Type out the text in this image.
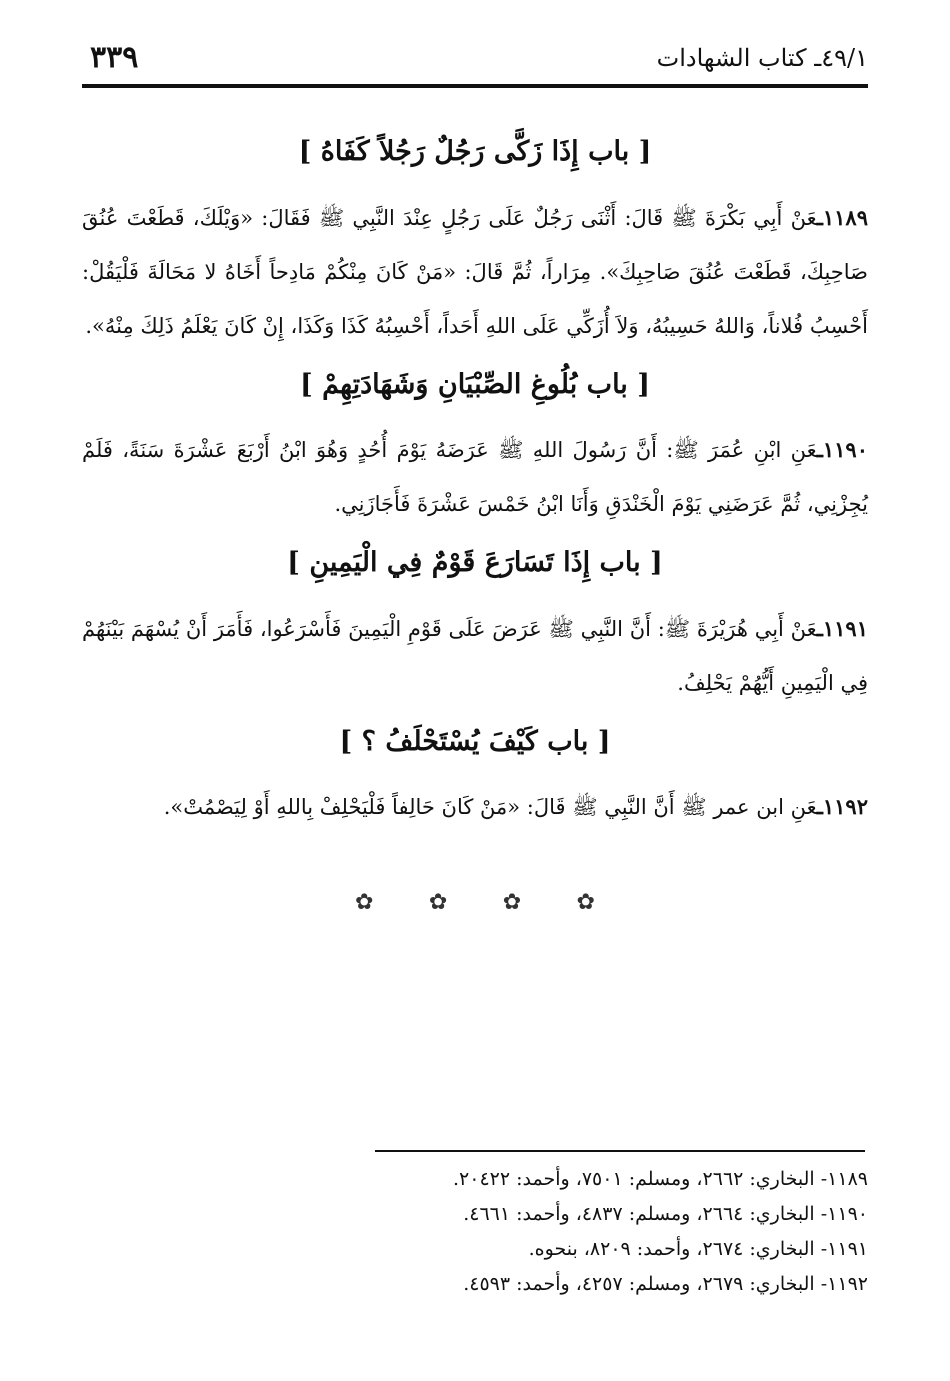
٣٣٩	٤٩/١ـ كتاب الشهادات
[ باب إِذَا زَكَّى رَجُلٌ رَجُلاً كَفَاهُ ]

١١٨٩ـعَنْ أَبِي بَكْرَةَ ﷺ قَالَ: أَثْنَى رَجُلٌ عَلَى رَجُلٍ عِنْدَ النَّبِي ﷺ فَقَالَ: «وَيْلَكَ، قَطَعْتَ عُنُقَ صَاحِبِكَ، قَطَعْتَ عُنُقَ صَاحِبِكَ». مِرَاراً، ثُمَّ قَالَ: «مَنْ كَانَ مِنْكُمْ مَادِحاً أَخَاهُ لا مَحَالَةَ فَلْيَقُلْ: أَحْسِبُ فُلاناً، وَاللهُ حَسِيبُهُ، وَلاَ أُزَكِّي عَلَى اللهِ أَحَداً، أَحْسِبُهُ كَذَا وَكَذَا، إِنْ كَانَ يَعْلَمُ ذَلِكَ مِنْهُ».

[ باب بُلُوغِ الصِّبْيَانِ وَشَهَادَتِهِمْ ]

١١٩٠ـعَنِ ابْنِ عُمَرَ ﷺ: أَنَّ رَسُولَ اللهِ ﷺ عَرَضَهُ يَوْمَ أُحُدٍ وَهُوَ ابْنُ أَرْبَعَ عَشْرَةَ سَنَةً، فَلَمْ يُجِزْنِي، ثُمَّ عَرَضَنِي يَوْمَ الْخَنْدَقِ وَأَنَا ابْنُ خَمْسَ عَشْرَةَ فَأَجَازَنِي.

[ باب إِذَا تَسَارَعَ قَوْمٌ فِي الْيَمِينِ ]

١١٩١ـعَنْ أَبِي هُرَيْرَةَ ﷺ: أَنَّ النَّبِي ﷺ عَرَضَ عَلَى قَوْمِ الْيَمِينَ فَأَسْرَعُوا، فَأَمَرَ أَنْ يُسْهَمَ بَيْنَهُمْ فِي الْيَمِينِ أَيُّهُمْ يَحْلِفُ.

[ باب كَيْفَ يُسْتَحْلَفُ ؟ ]

١١٩٢ـعَنِ ابن عمر ﷺ أَنَّ النَّبِي ﷺ قَالَ: «مَنْ كَانَ حَالِفاً فَلْيَحْلِفْ بِاللهِ أَوْ لِيَصْمُتْ».

✿	✿	✿	✿
١١٨٩- البخاري: ٢٦٦٢، ومسلم: ٧٥٠١، وأحمد: ٢٠٤٢٢.
١١٩٠- البخاري: ٢٦٦٤، ومسلم: ٤٨٣٧، وأحمد: ٤٦٦١.
١١٩١- البخاري: ٢٦٧٤، وأحمد: ٨٢٠٩، بنحوه.
١١٩٢- البخاري: ٢٦٧٩، ومسلم: ٤٢٥٧، وأحمد: ٤٥٩٣.
